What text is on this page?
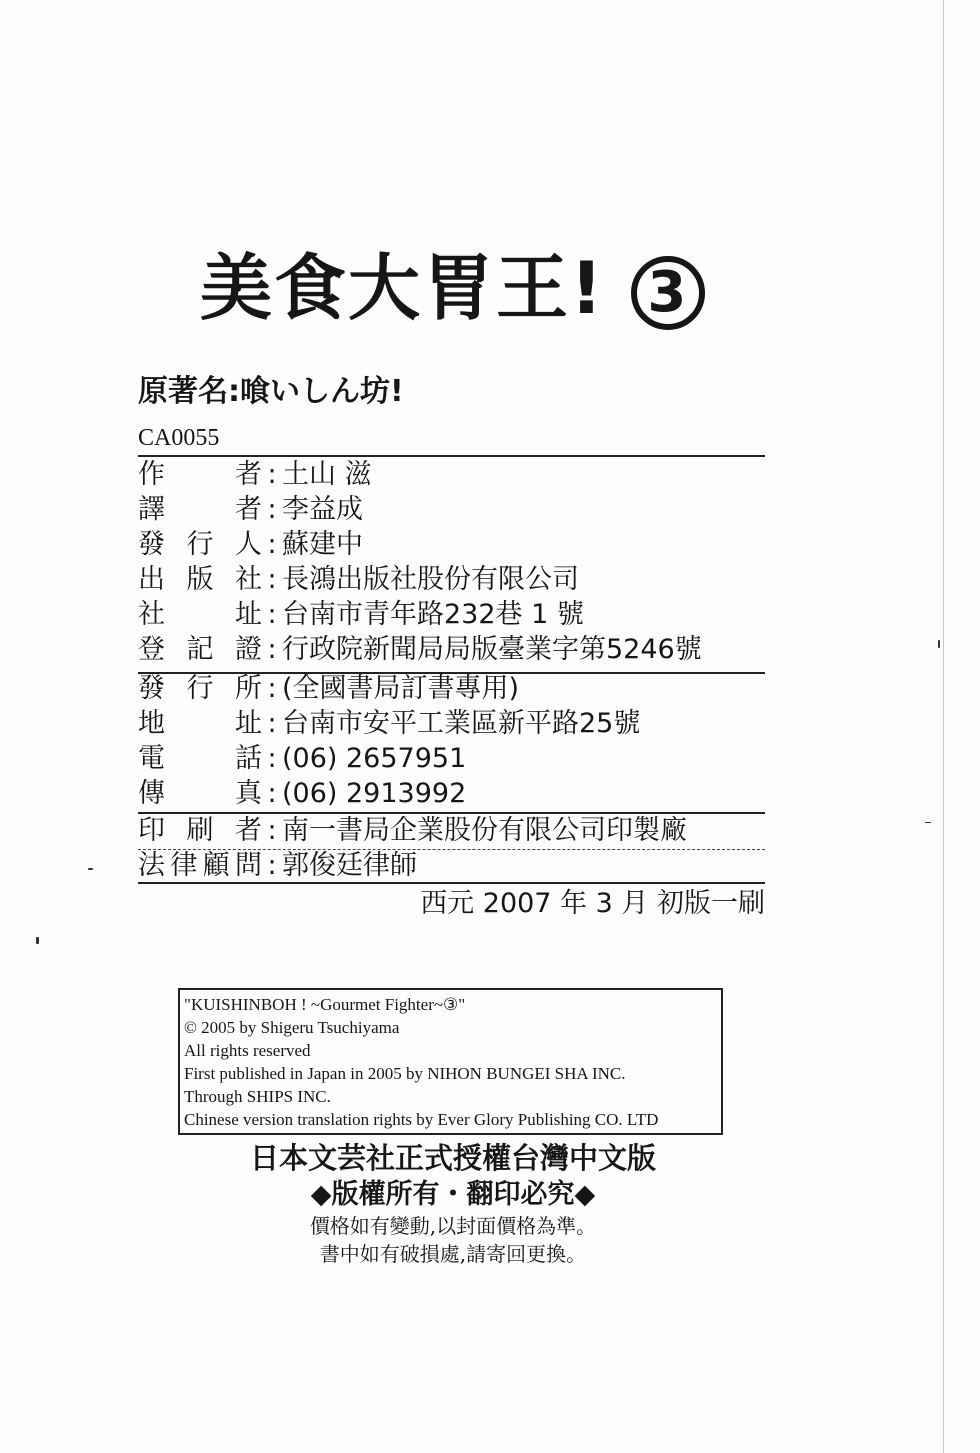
美食大胃王! 3
原著名:喰いしん坊!
CA0055
作者 : 土山 滋
譯者 : 李益成
發行人 : 蘇建中
出版社 : 長鴻出版社股份有限公司
社址 : 台南市青年路232巷 1 號
登記證 : 行政院新聞局局版臺業字第5246號
發行所 : (全國書局訂書專用)
地址 : 台南市安平工業區新平路25號
電話 : (06) 2657951
傳真 : (06) 2913992
印刷者 : 南一書局企業股份有限公司印製廠
法律顧問 : 郭俊廷律師
西元 2007 年 3 月 初版一刷
"KUISHINBOH ! ~Gourmet Fighter~③"
© 2005 by Shigeru Tsuchiyama
All rights reserved
First published in Japan in 2005 by NIHON BUNGEI SHA INC.
Through SHIPS INC.
Chinese version translation rights by Ever Glory Publishing CO. LTD
日本文芸社正式授權台灣中文版
◆版權所有・翻印必究◆
價格如有變動,以封面價格為準。
書中如有破損處,請寄回更換。
